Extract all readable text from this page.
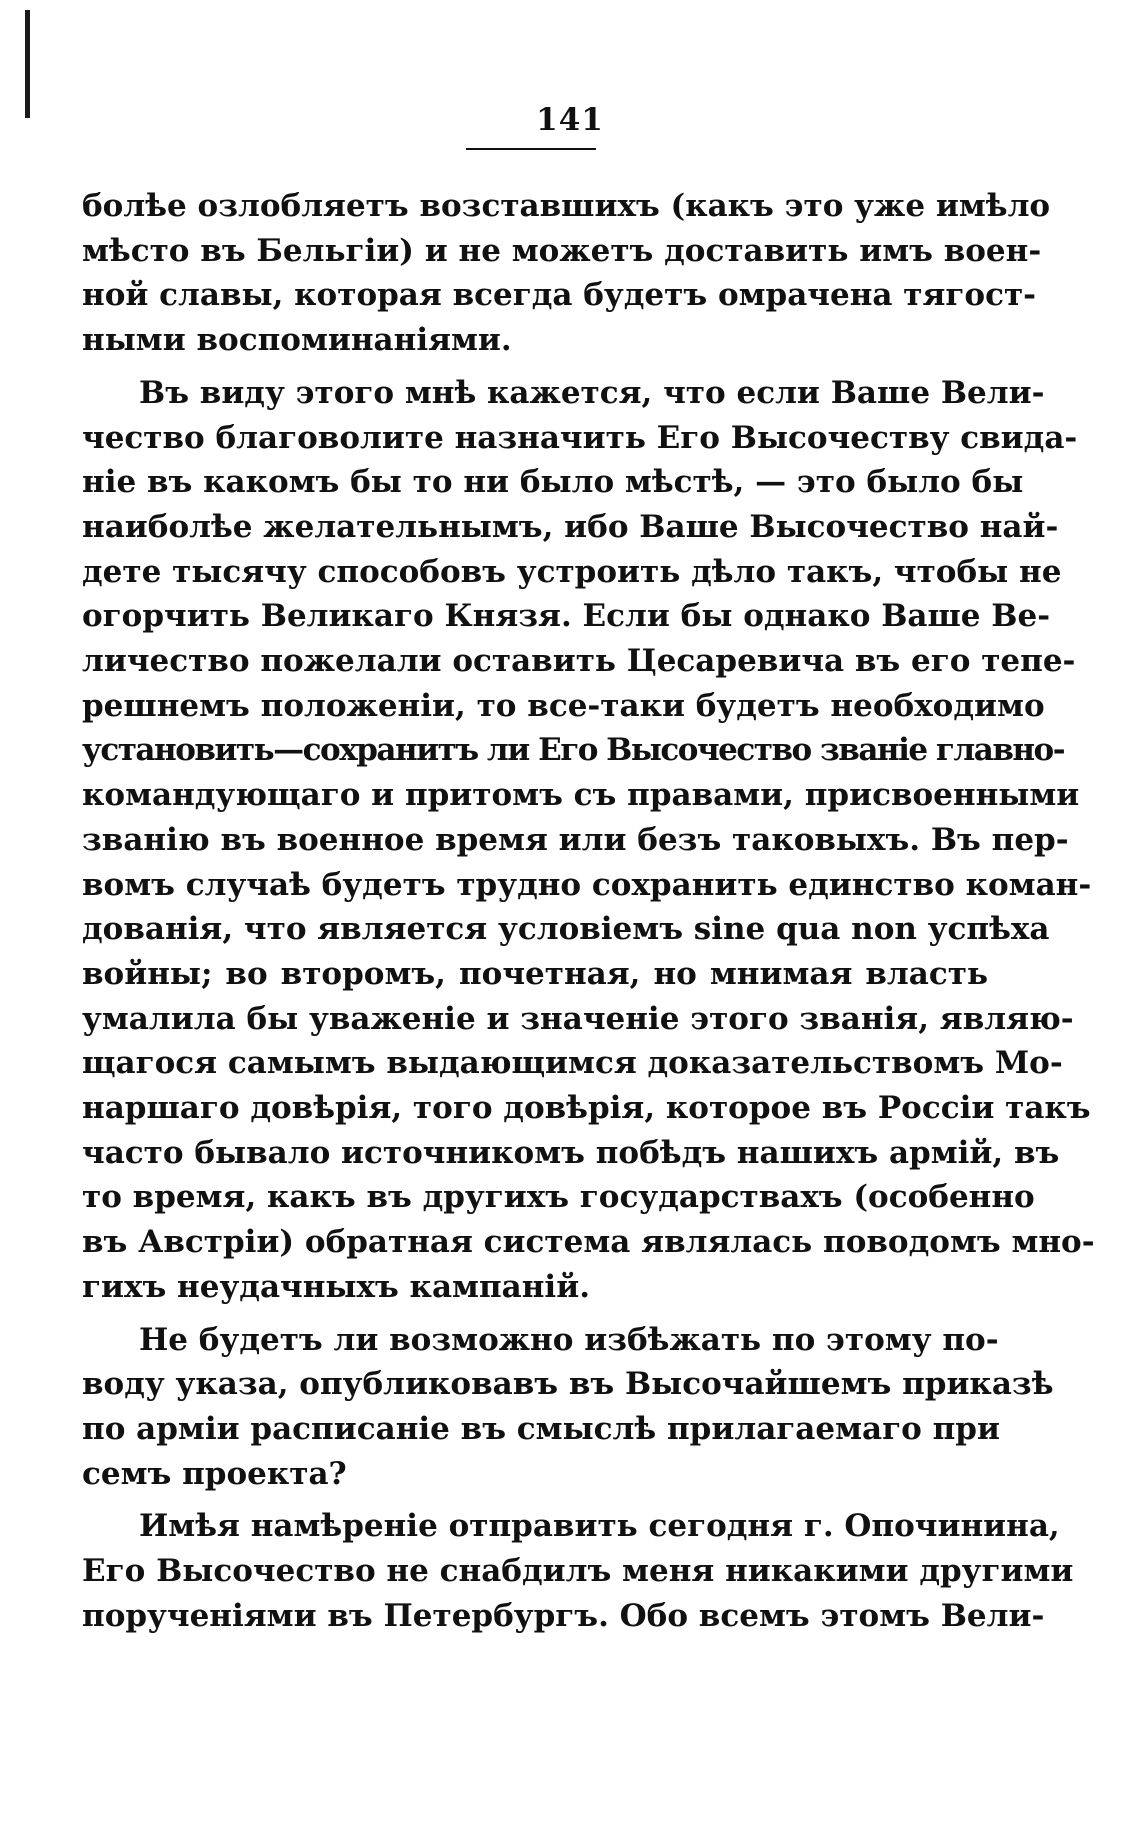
141
болѣе озлобляетъ возставшихъ (какъ это уже имѣло
мѣсто въ Бельгіи) и не можетъ доставить имъ воен-
ной славы, которая всегда будетъ омрачена тягост-
ными воспоминаніями.
Въ виду этого мнѣ кажется, что если Ваше Вели-
чество благоволите назначить Его Высочеству свида-
ніе въ какомъ бы то ни было мѣстѣ, — это было бы
наиболѣе желательнымъ, ибо Ваше Высочество най-
дете тысячу способовъ устроить дѣло такъ, чтобы не
огорчить Великаго Князя. Если бы однако Ваше Ве-
личество пожелали оставить Цесаревича въ его тепе-
решнемъ положеніи, то все-таки будетъ необходимо
установить—сохранитъ ли Его Высочество званіе главно-
командующаго и притомъ съ правами, присвоенными
званію въ военное время или безъ таковыхъ. Въ пер-
вомъ случаѣ будетъ трудно сохранить единство коман-
дованія, что является условіемъ sine qua non успѣха
войны; во второмъ, почетная, но мнимая власть
умалила бы уваженіе и значеніе этого званія, являю-
щагося самымъ выдающимся доказательствомъ Мо-
наршаго довѣрія, того довѣрія, которое въ Россіи такъ
часто бывало источникомъ побѣдъ нашихъ армій, въ
то время, какъ въ другихъ государствахъ (особенно
въ Австріи) обратная система являлась поводомъ мно-
гихъ неудачныхъ кампаній.
Не будетъ ли возможно избѣжать по этому по-
воду указа, опубликовавъ въ Высочайшемъ приказѣ
по арміи расписаніе въ смыслѣ прилагаемаго при
семъ проекта?
Имѣя намѣреніе отправить сегодня г. Опочинина,
Его Высочество не снабдилъ меня никакими другими
порученіями въ Петербургъ. Обо всемъ этомъ Вели-
